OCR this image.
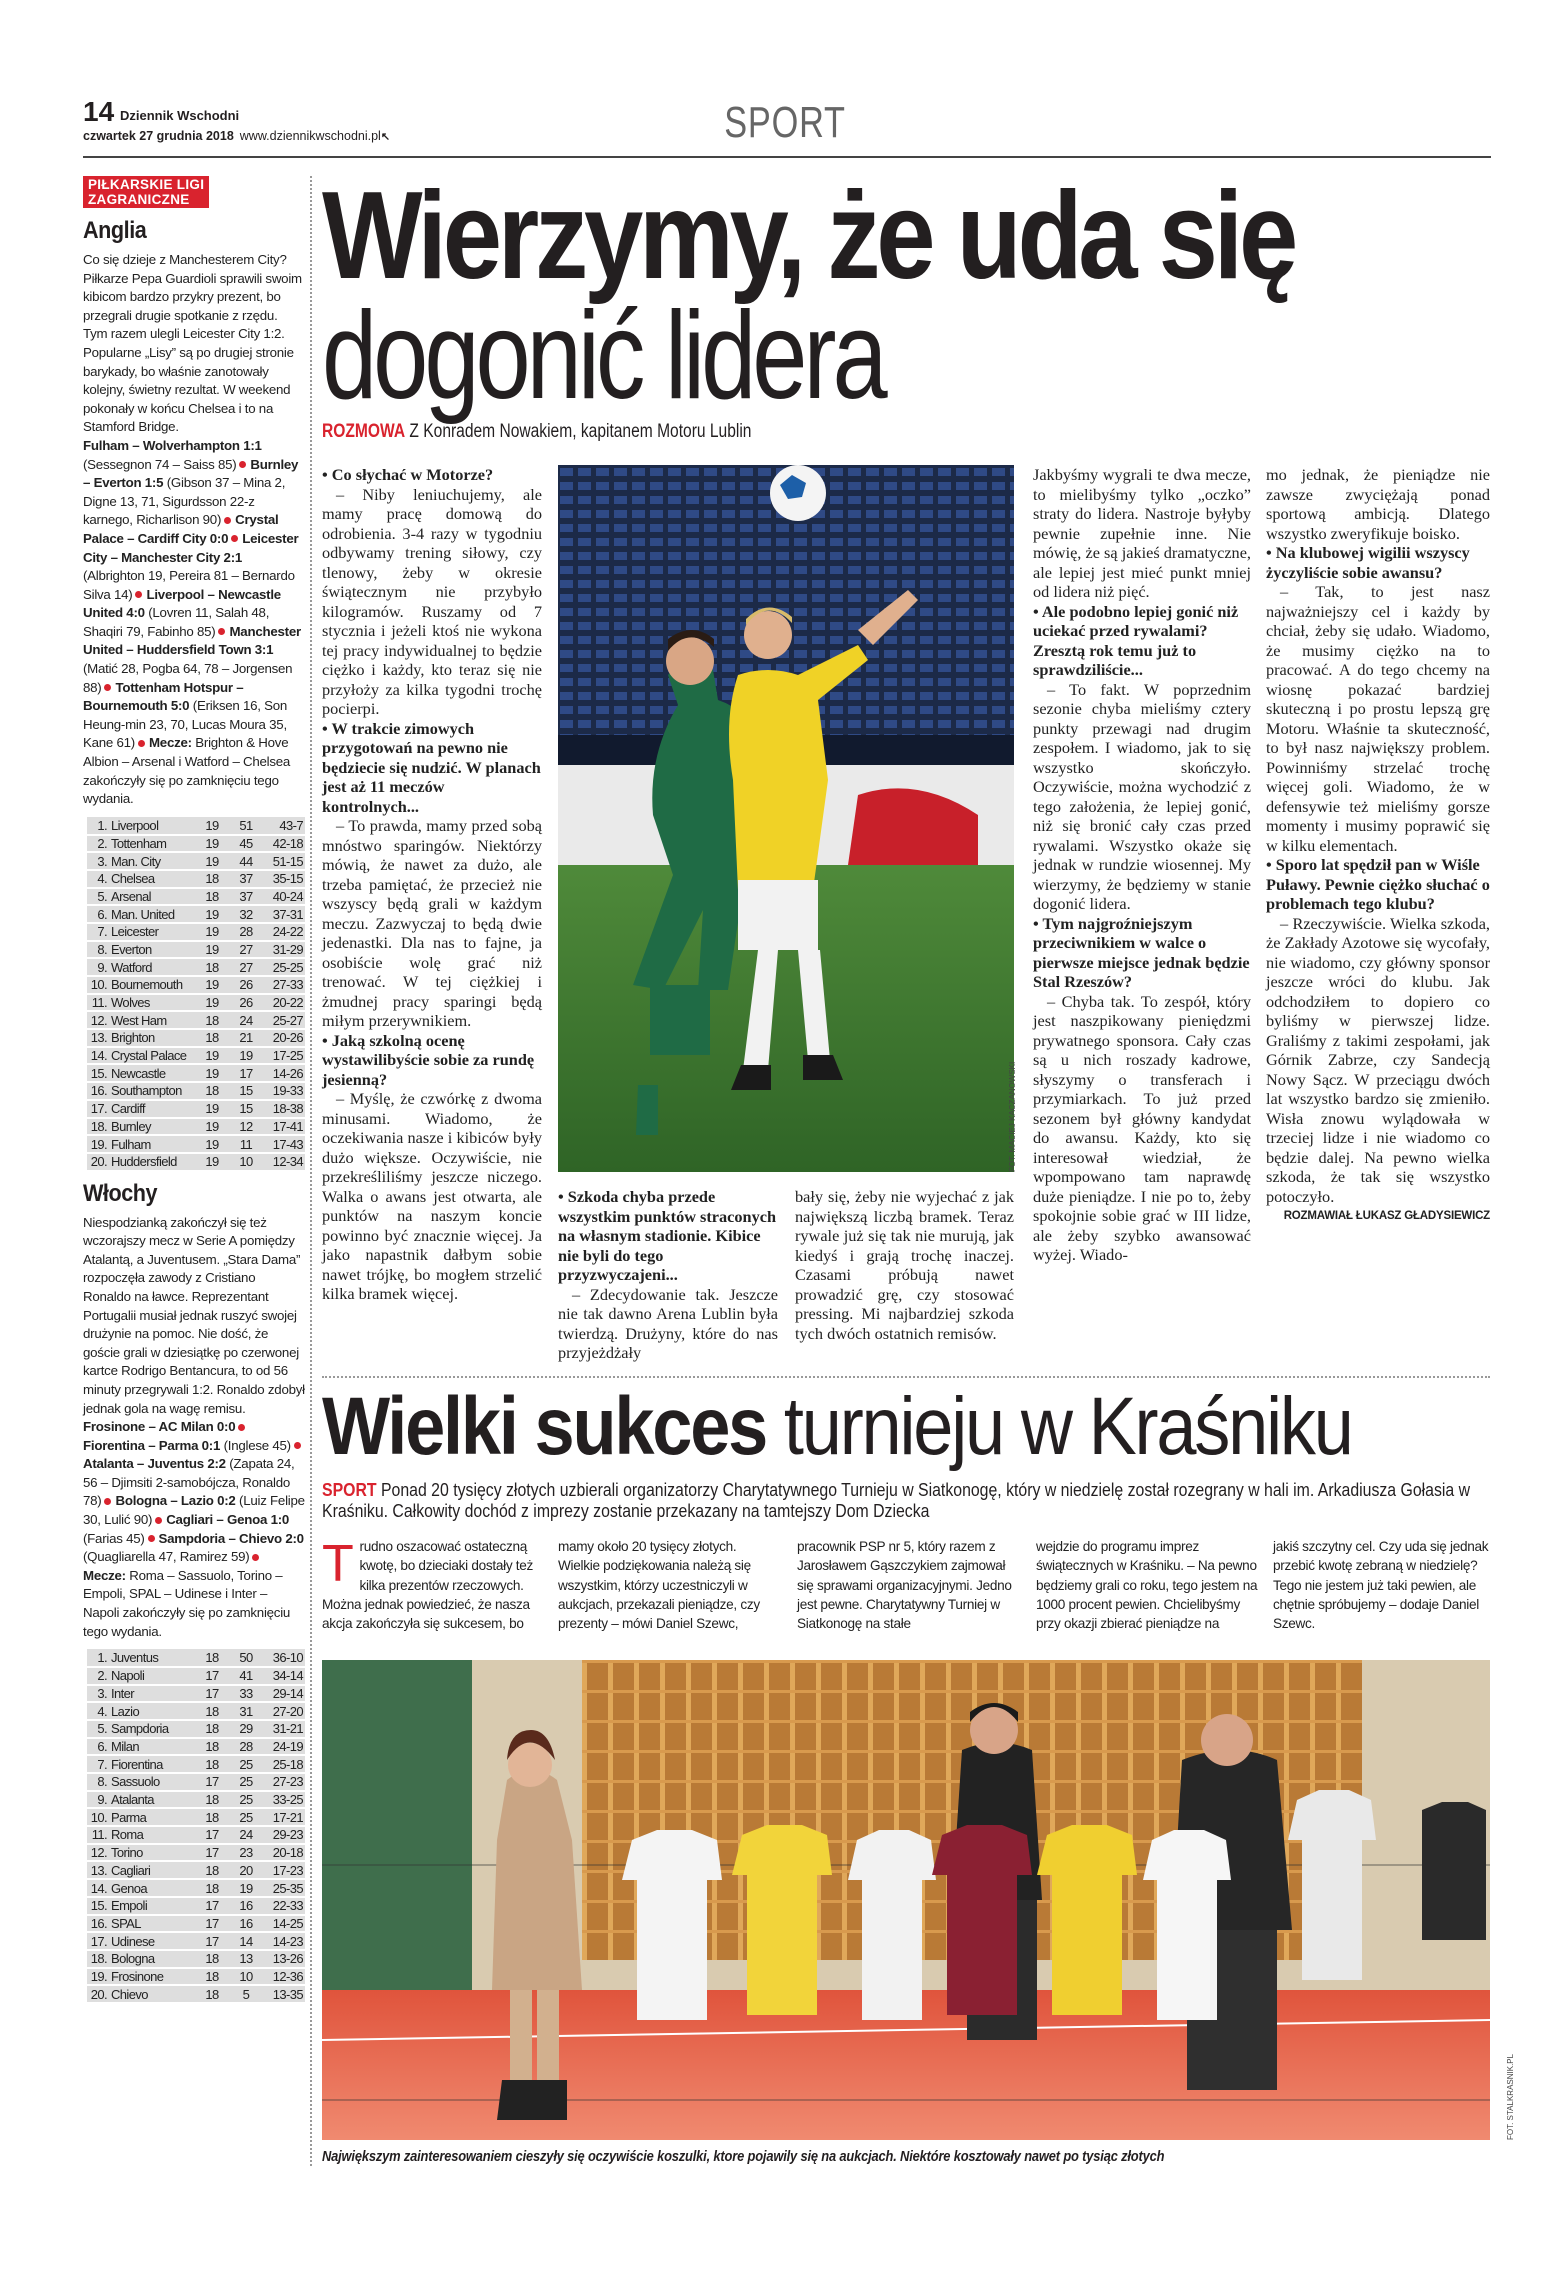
14 Dziennik Wschodni
czwartek 27 grudnia 2018 www.dziennikwschodni.pl↖	SPORT
PIŁKARSKIE LIGI
ZAGRANICZNE
Anglia
Co się dzieje z Manchesterem City? Piłkarze Pepa Guardioli sprawili swoim kibicom bardzo przykry prezent, bo przegrali drugie spotkanie z rzędu. Tym razem ulegli Leicester City 1:2. Popularne „Lisy” są po drugiej stronie barykady, bo właśnie zanotowały kolejny, świetny rezultat. W weekend pokonały w końcu Chelsea i to na Stamford Bridge.
Fulham – Wolverhampton 1:1 (Sessegnon 74 – Saiss 85) Burnley – Everton 1:5 (Gibson 37 – Mina 2, Digne 13, 71, Sigurdsson 22-z karnego, Richarlison 90) Crystal Palace – Cardiff City 0:0 Leicester City – Manchester City 2:1 (Albrighton 19, Pereira 81 – Bernardo Silva 14) Liverpool – Newcastle United 4:0 (Lovren 11, Salah 48, Shaqiri 79, Fabinho 85) Manchester United – Huddersfield Town 3:1 (Matić 28, Pogba 64, 78 – Jorgensen 88) Tottenham Hotspur – Bournemouth 5:0 (Eriksen 16, Son Heung-min 23, 70, Lucas Moura 35, Kane 61) Mecze: Brighton & Hove Albion – Arsenal i Watford – Chelsea zakończyły się po zamknięciu tego wydania.
1.	Liverpool	19	51	43-7
2.	Tottenham	19	45	42-18
3.	Man. City	19	44	51-15
4.	Chelsea	18	37	35-15
5.	Arsenal	18	37	40-24
6.	Man. United	19	32	37-31
7.	Leicester	19	28	24-22
8.	Everton	19	27	31-29
9.	Watford	18	27	25-25
10.	Bournemouth	19	26	27-33
11.	Wolves	19	26	20-22
12.	West Ham	18	24	25-27
13.	Brighton	18	21	20-26
14.	Crystal Palace	19	19	17-25
15.	Newcastle	19	17	14-26
16.	Southampton	18	15	19-33
17.	Cardiff	19	15	18-38
18.	Burnley	19	12	17-41
19.	Fulham	19	11	17-43
20.	Huddersfield	19	10	12-34
Włochy
Niespodzianką zakończył się też wczorajszy mecz w Serie A pomiędzy Atalantą, a Juventusem. „Stara Dama” rozpoczęła zawody z Cristiano Ronaldo na ławce. Reprezentant Portugalii musiał jednak ruszyć swojej drużynie na pomoc. Nie dość, że goście grali w dziesiątkę po czerwonej kartce Rodrigo Bentancura, to od 56 minuty przegrywali 1:2. Ronaldo zdobył jednak gola na wagę remisu.
Frosinone – AC Milan 0:0Fiorentina – Parma 0:1 (Inglese 45)Atalanta – Juventus 2:2 (Zapata 24, 56 – Djimsiti 2-samobójcza, Ronaldo 78) Bologna – Lazio 0:2 (Luiz Felipe 30, Lulić 90) Cagliari – Genoa 1:0 (Farias 45) Sampdoria – Chievo 2:0 (Quagliarella 47, Ramirez 59)Mecze: Roma – Sassuolo, Torino – Empoli, SPAL – Udinese i Inter – Napoli zakończyły się po zamknięciu tego wydania.
1.	Juventus	18	50	36-10
2.	Napoli	17	41	34-14
3.	Inter	17	33	29-14
4.	Lazio	18	31	27-20
5.	Sampdoria	18	29	31-21
6.	Milan	18	28	24-19
7.	Fiorentina	18	25	25-18
8.	Sassuolo	17	25	27-23
9.	Atalanta	18	25	33-25
10.	Parma	18	25	17-21
11.	Roma	17	24	29-23
12.	Torino	17	23	20-18
13.	Cagliari	18	20	17-23
14.	Genoa	18	19	25-35
15.	Empoli	17	16	22-33
16.	SPAL	17	16	14-25
17.	Udinese	17	14	14-23
18.	Bologna	18	13	13-26
19.	Frosinone	18	10	12-36
20.	Chievo	18	5	13-35
Wierzymy, że uda się
dogonić lidera
ROZMOWA Z Konradem Nowakiem, kapitanem Motoru Lublin

• Co słychać w Motorze?

– Niby leniuchujemy, ale mamy pracę domową do odrobienia. 3-4 razy w tygodniu odbywamy trening siłowy, czy tlenowy, żeby w okresie świątecznym nie przybyło kilogramów. Ruszamy od 7 stycznia i jeżeli ktoś nie wykona tej pracy indywidualnej to będzie ciężko i każdy, kto teraz się nie przyłoży za kilka tygodni trochę pocierpi.

• W trakcie zimowych przygotowań na pewno nie będziecie się nudzić. W planach jest aż 11 meczów kontrolnych...

– To prawda, mamy przed sobą mnóstwo sparingów. Niektórzy mówią, że nawet za dużo, ale trzeba pamiętać, że przecież nie wszyscy będą grali w każdym meczu. Zazwyczaj to będą dwie jedenastki. Dla nas to fajne, ja osobiście wolę grać niż trenować. W tej ciężkiej i żmudnej pracy sparingi będą miłym przerywnikiem.

• Jaką szkolną ocenę wystawilibyście sobie za rundę jesienną?

– Myślę, że czwórkę z dwoma minusami. Wiadomo, że oczekiwania nasze i kibiców były dużo większe. Oczywiście, nie przekreśliliśmy jeszcze niczego. Walka o awans jest otwarta, ale punktów na naszym koncie powinno być znacznie więcej. Ja jako napastnik dałbym sobie nawet trójkę, bo mogłem strzelić kilka bramek więcej.

• Szkoda chyba przede wszystkim punktów straconych na własnym stadionie. Kibice nie byli do tego przyzwyczajeni...

– Zdecydowanie tak. Jeszcze nie tak dawno Arena Lublin była twierdzą. Drużyny, które do nas przyjeżdżały

bały się, żeby nie wyjechać z jak największą liczbą bramek. Teraz rywale już się tak nie murują, jak kiedyś i grają trochę inaczej. Czasami próbują nawet prowadzić grę, czy stosować pressing. Mi najbardziej szkoda tych dwóch ostatnich remisów.

Jakbyśmy wygrali te dwa mecze, to mielibyśmy tylko „oczko” straty do lidera. Nastroje byłyby pewnie zupełnie inne. Nie mówię, że są jakieś dramatyczne, ale lepiej jest mieć punkt mniej od lidera niż pięć.

• Ale podobno lepiej gonić niż uciekać przed rywalami? Zresztą rok temu już to sprawdziliście...

– To fakt. W poprzednim sezonie chyba mieliśmy cztery punkty przewagi nad drugim zespołem. I wiadomo, jak to się wszystko skończyło. Oczywiście, można wychodzić z tego założenia, że lepiej gonić, niż się bronić cały czas przed rywalami. Wszystko okaże się jednak w rundzie wiosennej. My wierzymy, że będziemy w stanie dogonić lidera.

• Tym najgroźniejszym przeciwnikiem w walce o pierwsze miejsce jednak będzie Stal Rzeszów?

– Chyba tak. To zespół, który jest naszpikowany pieniędzmi prywatnego sponsora. Cały czas są u nich roszady kadrowe, słyszymy o transferach i przymiarkach. To już przed sezonem był główny kandydat do awansu. Każdy, kto się interesował wiedział, że wpompowano tam naprawdę duże pieniądze. I nie po to, żeby spokojnie sobie grać w III lidze, ale żeby szybko awansować wyżej. Wiado-

mo jednak, że pieniądze nie zawsze zwyciężają ponad sportową ambicją. Dlatego wszystko zweryfikuje boisko.

• Na klubowej wigilii wszyscy życzyliście sobie awansu?

– Tak, to jest nasz najważniejszy cel i każdy by chciał, żeby się udało. Wiadomo, że musimy ciężko na to pracować. A do tego chcemy na wiosnę pokazać bardziej skuteczną i po prostu lepszą grę Motoru. Właśnie ta skuteczność, to był nasz największy problem. Powinniśmy strzelać trochę więcej goli. Wiadomo, że w defensywie też mieliśmy gorsze momenty i musimy poprawić się w kilku elementach.

• Sporo lat spędził pan w Wiśle Puławy. Pewnie ciężko słuchać o problemach tego klubu?

– Rzeczywiście. Wielka szkoda, że Zakłady Azotowe się wycofały, nie wiadomo, czy główny sponsor jeszcze wróci do klubu. Jak odchodziłem to dopiero co byliśmy w pierwszej lidze. Graliśmy z takimi zespołami, jak Górnik Zabrze, czy Sandecją Nowy Sącz. W przeciągu dwóch lat wszystko bardzo się zmieniło. Wisła znowu wylądowała w trzeciej lidze i nie wiadomo co będzie dalej. Na pewno wielka szkoda, że tak się wszystko potoczyło.

ROZMAWIAŁ ŁUKASZ GŁADYSIEWICZ
FOT. MACIEJ KACZANOWSKI
Wielki sukces turnieju w Kraśniku
SPORT Ponad 20 tysięcy złotych uzbierali organizatorzy Charytatywnego Turnieju w Siatkonogę, który w niedzielę został rozegrany w hali im. Arkadiusza Gołasia w Kraśniku. Całkowity dochód z imprezy zostanie przekazany na tamtejszy Dom Dziecka
Trudno oszacować ostateczną kwotę, bo dzieciaki dostały też kilka prezentów rzeczowych. Można jednak powiedzieć, że nasza akcja zakończyła się sukcesem, bo
mamy około 20 tysięcy złotych. Wielkie podziękowania należą się wszystkim, którzy uczestniczyli w aukcjach, przekazali pieniądze, czy prezenty – mówi Daniel Szewc,
pracownik PSP nr 5, który razem z Jarosławem Gąszczykiem zajmował się sprawami organizacyjnymi. Jedno jest pewne. Charytatywny Turniej w Siatkonogę na stałe
wejdzie do programu imprez świątecznych w Kraśniku. – Na pewno będziemy grali co roku, tego jestem na 1000 procent pewien. Chcielibyśmy przy okazji zbierać pieniądze na
jakiś szczytny cel. Czy uda się jednak przebić kwotę zebraną w niedzielę? Tego nie jestem już taki pewien, ale chętnie spróbujemy – dodaje Daniel Szewc.
FOT. STALKRASNIK.PL
Największym zainteresowaniem cieszyły się oczywiście koszulki, ktore pojawily się na aukcjach. Niektóre kosztowały nawet po tysiąc złotych
